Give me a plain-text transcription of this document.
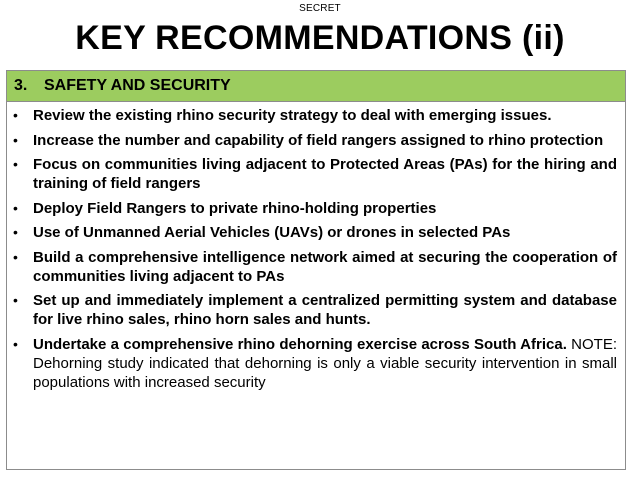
SECRET
KEY RECOMMENDATIONS (ii)
3.	SAFETY AND SECURITY
•	Review the existing rhino security strategy to deal with emerging issues.
•	Increase the number and capability of field rangers assigned to rhino protection
•	Focus on communities living adjacent to Protected Areas (PAs) for the hiring and training of field rangers
•	Deploy Field Rangers to private rhino-holding properties
•	Use of Unmanned Aerial Vehicles (UAVs) or drones in selected PAs
•	Build a comprehensive intelligence network aimed at securing the cooperation of communities living adjacent to PAs
•	Set up and immediately implement a centralized permitting system and database for live rhino sales, rhino horn sales and hunts.
•	Undertake a comprehensive rhino dehorning exercise across South Africa. NOTE: Dehorning study indicated that dehorning is only a viable security intervention in small populations with increased security
